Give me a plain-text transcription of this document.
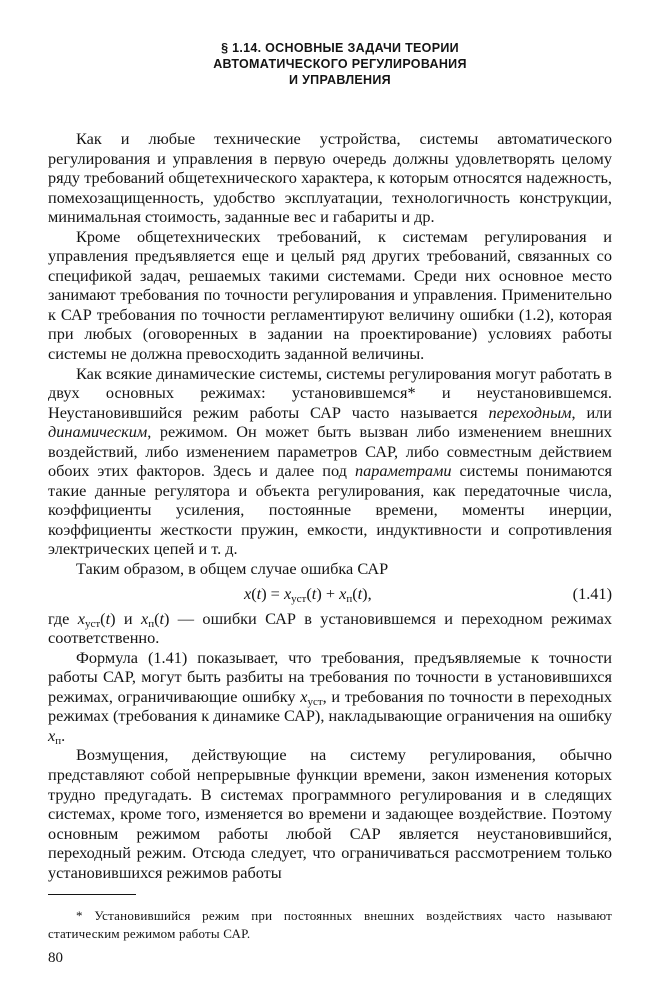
§ 1.14. ОСНОВНЫЕ ЗАДАЧИ ТЕОРИИ
АВТОМАТИЧЕСКОГО РЕГУЛИРОВАНИЯ
И УПРАВЛЕНИЯ

Как и любые технические устройства, системы автоматического регулирования и управления в первую очередь должны удовлетворять целому ряду требований общетехнического характера, к которым относятся надежность, помехозащищенность, удобство эксплуатации, технологичность конструкции, минимальная стоимость, заданные вес и габариты и др.

Кроме общетехнических требований, к системам регулирования и управления предъявляется еще и целый ряд других требований, связанных со спецификой задач, решаемых такими системами. Среди них основное место занимают требования по точности регулирования и управления. Применительно к САР требования по точности регламентируют величину ошибки (1.2), которая при любых (оговоренных в задании на проектирование) условиях работы системы не должна превосходить заданной величины.

Как всякие динамические системы, системы регулирования могут работать в двух основных режимах: установившемся* и неустановившемся. Неустановившийся режим работы САР часто называется переходным, или динамическим, режимом. Он может быть вызван либо изменением внешних воздействий, либо изменением параметров САР, либо совместным действием обоих этих факторов. Здесь и далее под параметрами системы понимаются такие данные регулятора и объекта регулирования, как передаточные числа, коэффициенты усиления, постоянные времени, моменты инерции, коэффициенты жесткости пружин, емкости, индуктивности и сопротивления электрических цепей и т. д.

Таким образом, в общем случае ошибка САР

$x(t) = x_{уст}(t) + x_п(t)$,	(1.41)

где $x_{уст}(t)$ и $x_п(t)$ — ошибки САР в установившемся и переходном режимах соответственно.

Формула (1.41) показывает, что требования, предъявляемые к точности работы САР, могут быть разбиты на требования по точности в установившихся режимах, ограничивающие ошибку $x_{уст}$, и требования по точности в переходных режимах (требования к динамике САР), накладывающие ограничения на ошибку $x_п$.

Возмущения, действующие на систему регулирования, обычно представляют собой непрерывные функции времени, закон изменения которых трудно предугадать. В системах программного регулирования и в следящих системах, кроме того, изменяется во времени и задающее воздействие. Поэтому основным режимом работы любой САР является неустановившийся, переходный режим. Отсюда следует, что ограничиваться рассмотрением только установившихся режимов работы

* Установившийся режим при постоянных внешних воздействиях часто называют статическим режимом работы САР.

80
